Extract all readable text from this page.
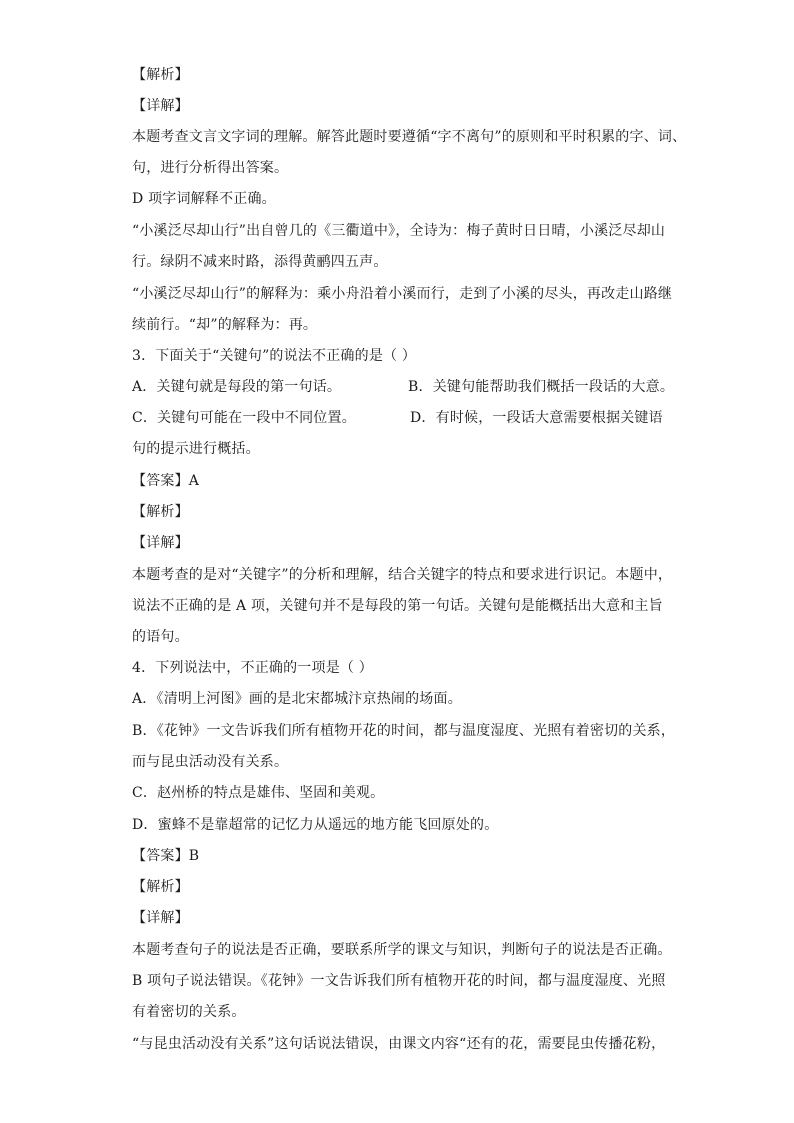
【解析】
【详解】
本题考查文言文字词的理解。解答此题时要遵循“字不离句”的原则和平时积累的字、词、
句，进行分析得出答案。
D 项字词解释不正确。
“小溪泛尽却山行”出自曾几的《三衢道中》，全诗为：梅子黄时日日晴，小溪泛尽却山
行。绿阴不减来时路，添得黄鹂四五声。
“小溪泛尽却山行”的解释为：乘小舟沿着小溪而行，走到了小溪的尽头，再改走山路继
续前行。“却”的解释为：再。
3．下面关于“关键句”的说法不正确的是（ ）
A．关键句就是每段的第一句话。	B．关键句能帮助我们概括一段话的大意。
C．关键句可能在一段中不同位置。	D．有时候，一段话大意需要根据关键语
句的提示进行概括。
【答案】A
【解析】
【详解】
本题考查的是对“关键字”的分析和理解，结合关键字的特点和要求进行识记。本题中，
说法不正确的是 A 项，关键句并不是每段的第一句话。关键句是能概括出大意和主旨
的语句。
4．下列说法中，不正确的一项是（ ）
A．《清明上河图》画的是北宋都城汴京热闹的场面。
B．《花钟》一文告诉我们所有植物开花的时间，都与温度湿度、光照有着密切的关系，
而与昆虫活动没有关系。
C．赵州桥的特点是雄伟、坚固和美观。
D．蜜蜂不是靠超常的记忆力从遥远的地方能飞回原处的。
【答案】B
【解析】
【详解】
本题考查句子的说法是否正确，要联系所学的课文与知识，判断句子的说法是否正确。
B 项句子说法错误。《花钟》一文告诉我们所有植物开花的时间，都与温度湿度、光照
有着密切的关系。
“与昆虫活动没有关系”这句话说法错误，由课文内容“还有的花，需要昆虫传播花粉，
